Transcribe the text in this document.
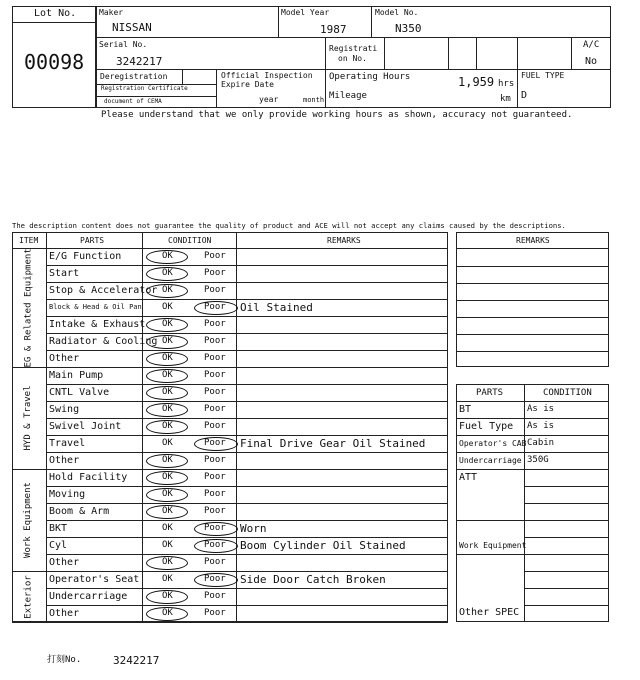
Lot No.
00098
Maker
NISSAN
Model Year
1987
Model No.
N350
Serial No.
3242217
Registrati
on No.
A/C
No
Deregistration
Registration Certificate
document of CEMA
Official Inspection
Expire Date
year	month
Operating Hours	1,959 hrs
Mileage	km
FUEL TYPE
D
Please understand that we only provide working hours as shown, accuracy not guaranteed.
The description content does not guarantee the quality of product and ACE will not accept any claims caused by the descriptions.
ITEM	PARTS	CONDITION	REMARKS
E/G Function	OK	Poor
Start	OK	Poor
Stop & Accelerator OK	Poor
Block & Head & Oil Pan OK	Poor Oil Stained
Intake & Exhaust OK	Poor
Radiator & Cooling OK	Poor
Other	OK	Poor
EG & Related Equipment
Main Pump	OK	Poor
CNTL Valve	OK	Poor
Swing	OK	Poor
Swivel Joint	OK	Poor
Travel	OK	Poor Final Drive Gear Oil Stained
Other	OK	Poor
HYD & Travel
Hold Facility	OK	Poor
Moving	OK	Poor
Boom & Arm	OK	Poor
BKT	OK	Poor Worn
Cyl	OK	Poor Boom Cylinder Oil Stained
Other	OK	Poor
Work Equipment
Operator's Seat	OK	Poor Side Door Catch Broken
Undercarriage	OK	Poor
Other	OK	Poor
Exterior
REMARKS
PARTS	CONDITION
BT	As is
Fuel Type As is
Operator's CAB Cabin
Undercarriage 350G
ATT
Work Equipment
Other SPEC
打刻No.	3242217
